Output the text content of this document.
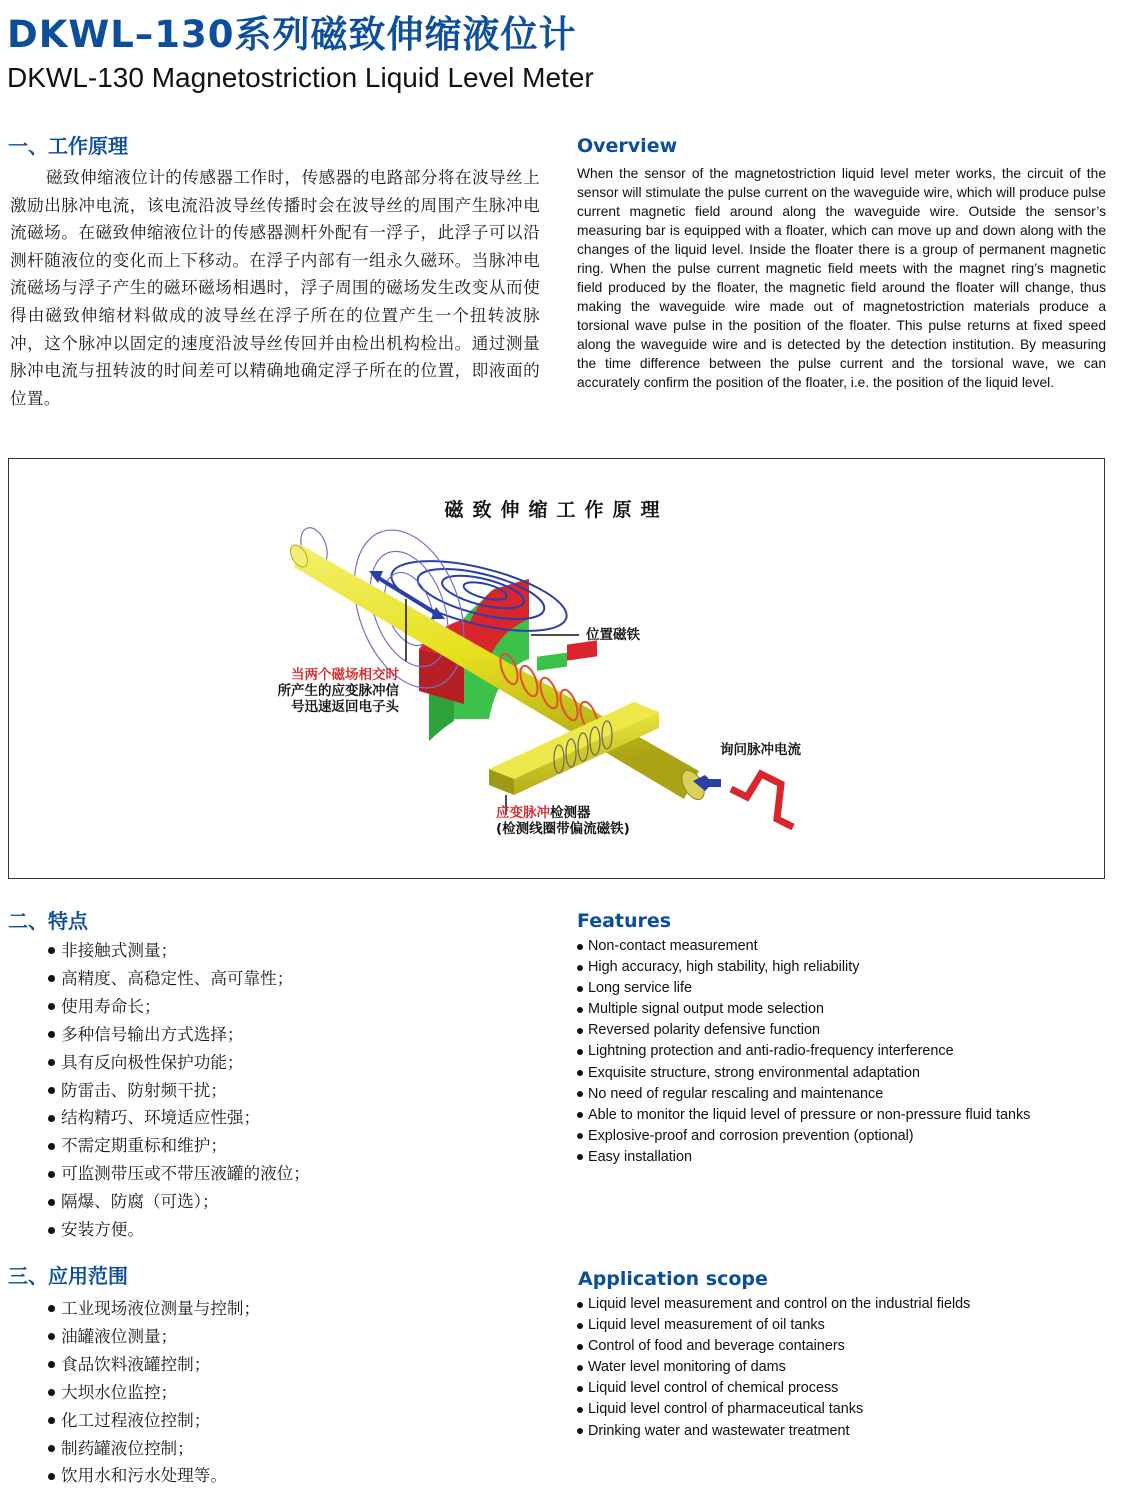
DKWL–130系列磁致伸缩液位计
DKWL-130 Magnetostriction Liquid Level Meter
一、工作原理	Overview

磁致伸缩液位计的传感器工作时，传感器的电路部分将在波导丝上激励出脉冲电流，该电流沿波导丝传播时会在波导丝的周围产生脉冲电流磁场。在磁致伸缩液位计的传感器测杆外配有一浮子，此浮子可以沿测杆随液位的变化而上下移动。在浮子内部有一组永久磁环。当脉冲电流磁场与浮子产生的磁环磁场相遇时，浮子周围的磁场发生改变从而使得由磁致伸缩材料做成的波导丝在浮子所在的位置产生一个扭转波脉冲，这个脉冲以固定的速度沿波导丝传回并由检出机构检出。通过测量脉冲电流与扭转波的时间差可以精确地确定浮子所在的位置，即液面的位置。

When the sensor of the magnetostriction liquid level meter works, the circuit of the sensor will stimulate the pulse current on the waveguide wire, which will produce pulse current magnetic field around along the waveguide wire. Outside the sensor’s measuring bar is equipped with a floater, which can move up and down along with the changes of the liquid level. Inside the floater there is a group of permanent magnetic ring. When the pulse current magnetic field meets with the magnet ring’s magnetic field produced by the floater, the magnetic field around the floater will change, thus making the waveguide wire made out of magnetostriction materials produce a torsional wave pulse in the position of the floater. This pulse returns at fixed speed along the waveguide wire and is detected by the detection institution. By measuring the time difference between the pulse current and the torsional wave, we can accurately confirm the position of the floater, i.e. the position of the liquid level.

磁致伸缩工作原理
位置磁铁
当两个磁场相交时
所产生的应变脉冲信
号迅速返回电子头
询问脉冲电流
应变脉冲检测器
(检测线圈带偏流磁铁)
二、特点	Features
非接触式测量；
高精度、高稳定性、高可靠性；
使用寿命长；
多种信号输出方式选择；
具有反向极性保护功能；
防雷击、防射频干扰；
结构精巧、环境适应性强；
不需定期重标和维护；
可监测带压或不带压液罐的液位；
隔爆、防腐（可选）；
安装方便。
Non-contact measurement
High accuracy, high stability, high reliability
Long service life
Multiple signal output mode selection
Reversed polarity defensive function
Lightning protection and anti-radio-frequency interference
Exquisite structure, strong environmental adaptation
No need of regular rescaling and maintenance
Able to monitor the liquid level of pressure or non-pressure fluid tanks
Explosive-proof and corrosion prevention (optional)
Easy installation
三、应用范围	Application scope
工业现场液位测量与控制；
油罐液位测量；
食品饮料液罐控制；
大坝水位监控；
化工过程液位控制；
制药罐液位控制；
饮用水和污水处理等。
Liquid level measurement and control on the industrial fields
Liquid level measurement of oil tanks
Control of food and beverage containers
Water level monitoring of dams
Liquid level control of chemical process
Liquid level control of pharmaceutical tanks
Drinking water and wastewater treatment
